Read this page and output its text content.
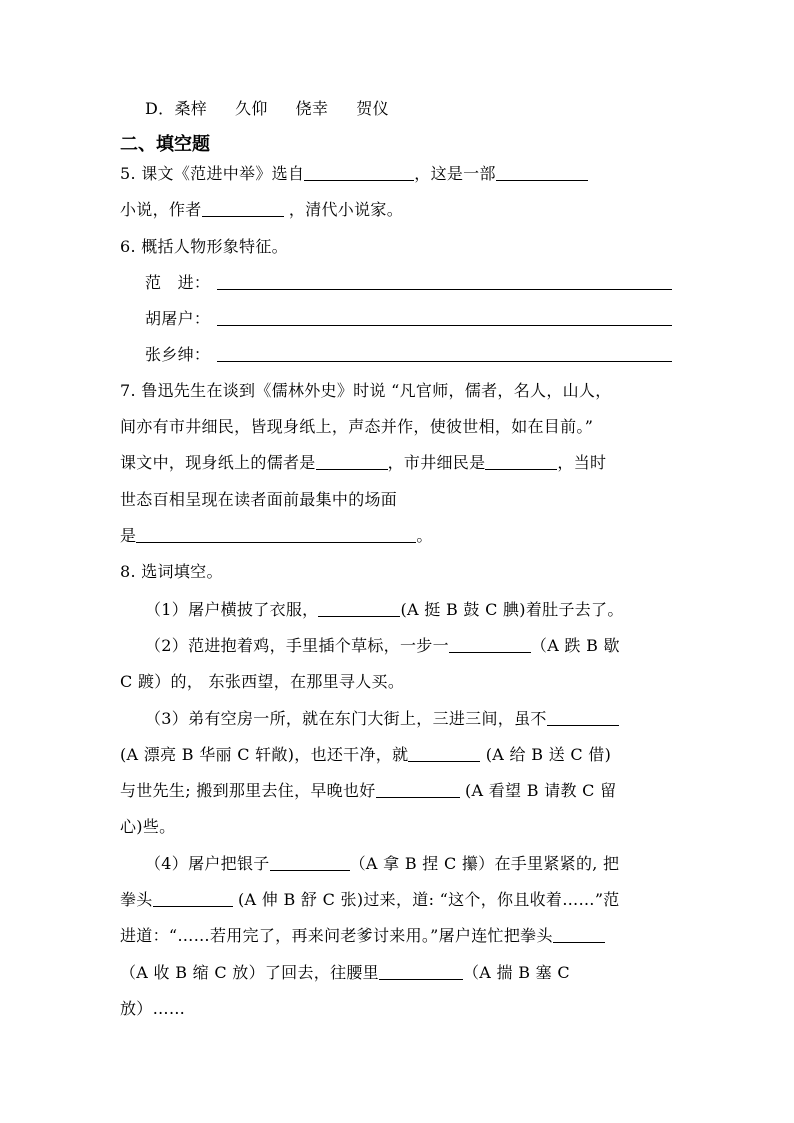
D．桑梓 久仰 侥幸 贺仪
二、填空题
5. 课文《范进中举》选自	，这是一部
小说，作者	，清代小说家。
6. 概括人物形象特征。
范　进：
胡屠户：
张乡绅：
7. 鲁迅先生在谈到《儒林外史》时说 “凡官师，儒者，名人，山人，
间亦有市井细民，皆现身纸上，声态并作，使彼世相，如在目前。”
课文中，现身纸上的儒者是	，市井细民是	，当时
世态百相呈现在读者面前最集中的场面
是	。
8. 选词填空。
（1）屠户横披了衣服，	(A 挺 B 鼓 C 腆)着肚子去了。
（2）范进抱着鸡，手里插个草标，一步一	（A 跌 B 歇
C 踱）的， 东张西望，在那里寻人买。
（3）弟有空房一所，就在东门大街上，三进三间，虽不
(A 漂亮 B 华丽 C 轩敞)，也还干净，就	(A 给 B 送 C 借)
与世先生; 搬到那里去住，早晚也好	(A 看望 B 请教 C 留
心)些。
（4）屠户把银子	（A 拿 B 捏 C 攥）在手里紧紧的, 把
拳头	(A 伸 B 舒 C 张)过来，道: “这个，你且收着……”范
进道：“……若用完了，再来问老爹讨来用。”屠户连忙把拳头
（A 收 B 缩 C 放）了回去，往腰里	（A 揣 B 塞 C
放）……
